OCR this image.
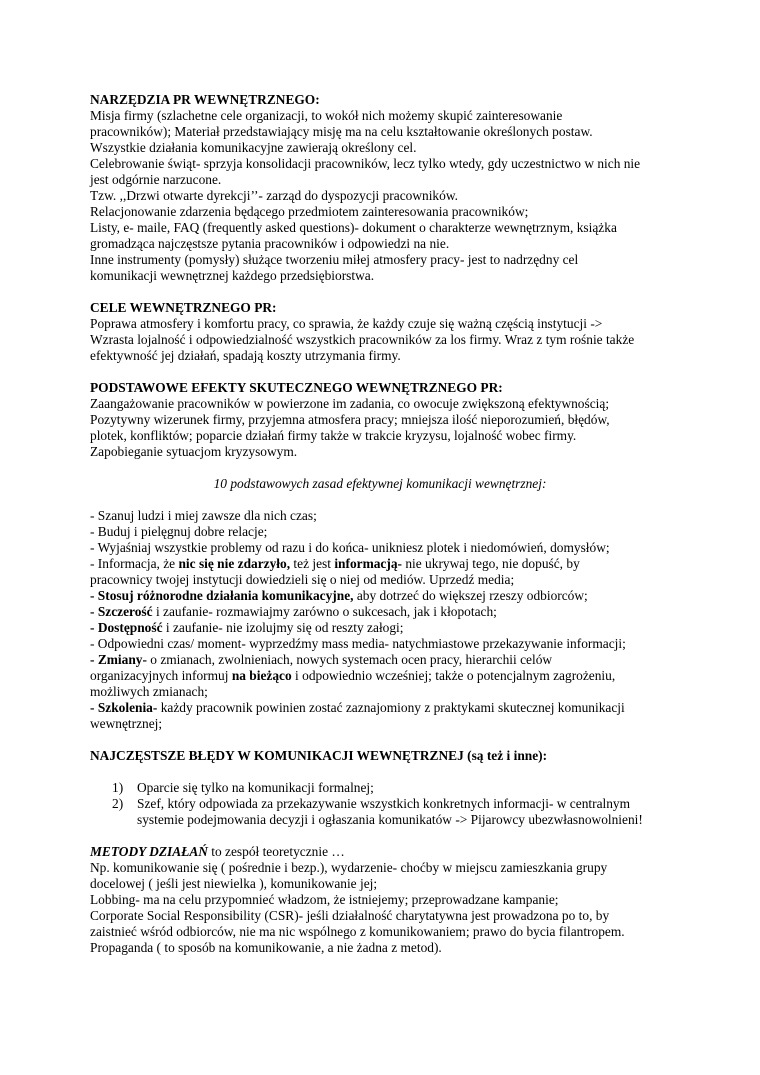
NARZĘDZIA PR WEWNĘTRZNEGO:

Misja firmy (szlachetne cele organizacji, to wokół nich możemy skupić zainteresowanie

pracowników); Materiał przedstawiający misję ma na celu kształtowanie określonych postaw.

Wszystkie działania komunikacyjne zawierają określony cel.

Celebrowanie świąt- sprzyja konsolidacji pracowników, lecz tylko wtedy, gdy uczestnictwo w nich nie

jest odgórnie narzucone.

Tzw. ,,Drzwi otwarte dyrekcji’’- zarząd do dyspozycji pracowników.

Relacjonowanie zdarzenia będącego przedmiotem zainteresowania pracowników;

Listy, e- maile, FAQ (frequently asked questions)- dokument o charakterze wewnętrznym, książka

gromadząca najczęstsze pytania pracowników i odpowiedzi na nie.

Inne instrumenty (pomysły) służące tworzeniu miłej atmosfery pracy- jest to nadrzędny cel

komunikacji wewnętrznej każdego przedsiębiorstwa.

CELE WEWNĘTRZNEGO PR:

Poprawa atmosfery i komfortu pracy, co sprawia, że każdy czuje się ważną częścią instytucji ->

Wzrasta lojalność i odpowiedzialność wszystkich pracowników za los firmy. Wraz z tym rośnie także

efektywność jej działań, spadają koszty utrzymania firmy.

PODSTAWOWE EFEKTY SKUTECZNEGO WEWNĘTRZNEGO PR:

Zaangażowanie pracowników w powierzone im zadania, co owocuje zwiększoną efektywnością;

Pozytywny wizerunek firmy, przyjemna atmosfera pracy; mniejsza ilość nieporozumień, błędów,

plotek, konfliktów; poparcie działań firmy także w trakcie kryzysu, lojalność wobec firmy.

Zapobieganie sytuacjom kryzysowym.

10 podstawowych zasad efektywnej komunikacji wewnętrznej:

- Szanuj ludzi i miej zawsze dla nich czas;

- Buduj i pielęgnuj dobre relacje;

- Wyjaśniaj wszystkie problemy od razu i do końca- unikniesz plotek i niedomówień, domysłów;

- Informacja, że nic się nie zdarzyło, też jest informacją- nie ukrywaj tego, nie dopuść, by

pracownicy twojej instytucji dowiedzieli się o niej od mediów. Uprzedź media;

- Stosuj różnorodne działania komunikacyjne, aby dotrzeć do większej rzeszy odbiorców;

- Szczerość i zaufanie- rozmawiajmy zarówno o sukcesach, jak i kłopotach;

- Dostępność i zaufanie- nie izolujmy się od reszty załogi;

- Odpowiedni czas/ moment- wyprzedźmy mass media- natychmiastowe przekazywanie informacji;

- Zmiany- o zmianach, zwolnieniach, nowych systemach ocen pracy, hierarchii celów

organizacyjnych informuj na bieżąco i odpowiednio wcześniej; także o potencjalnym zagrożeniu,

możliwych zmianach;

- Szkolenia- każdy pracownik powinien zostać zaznajomiony z praktykami skutecznej komunikacji

wewnętrznej;

NAJCZĘSTSZE BŁĘDY W KOMUNIKACJI WEWNĘTRZNEJ (są też i inne):

1) Oparcie się tylko na komunikacji formalnej;

2) Szef, który odpowiada za przekazywanie wszystkich konkretnych informacji- w centralnym

systemie podejmowania decyzji i ogłaszania komunikatów -> Pijarowcy ubezwłasnowolnieni!

METODY DZIAŁAŃ to zespół teoretycznie …

Np. komunikowanie się ( pośrednie i bezp.), wydarzenie- choćby w miejscu zamieszkania grupy

docelowej ( jeśli jest niewielka ), komunikowanie jej;

Lobbing- ma na celu przypomnieć władzom, że istniejemy; przeprowadzane kampanie;

Corporate Social Responsibility (CSR)- jeśli działalność charytatywna jest prowadzona po to, by

zaistnieć wśród odbiorców, nie ma nic wspólnego z komunikowaniem; prawo do bycia filantropem.

Propaganda ( to sposób na komunikowanie, a nie żadna z metod).
